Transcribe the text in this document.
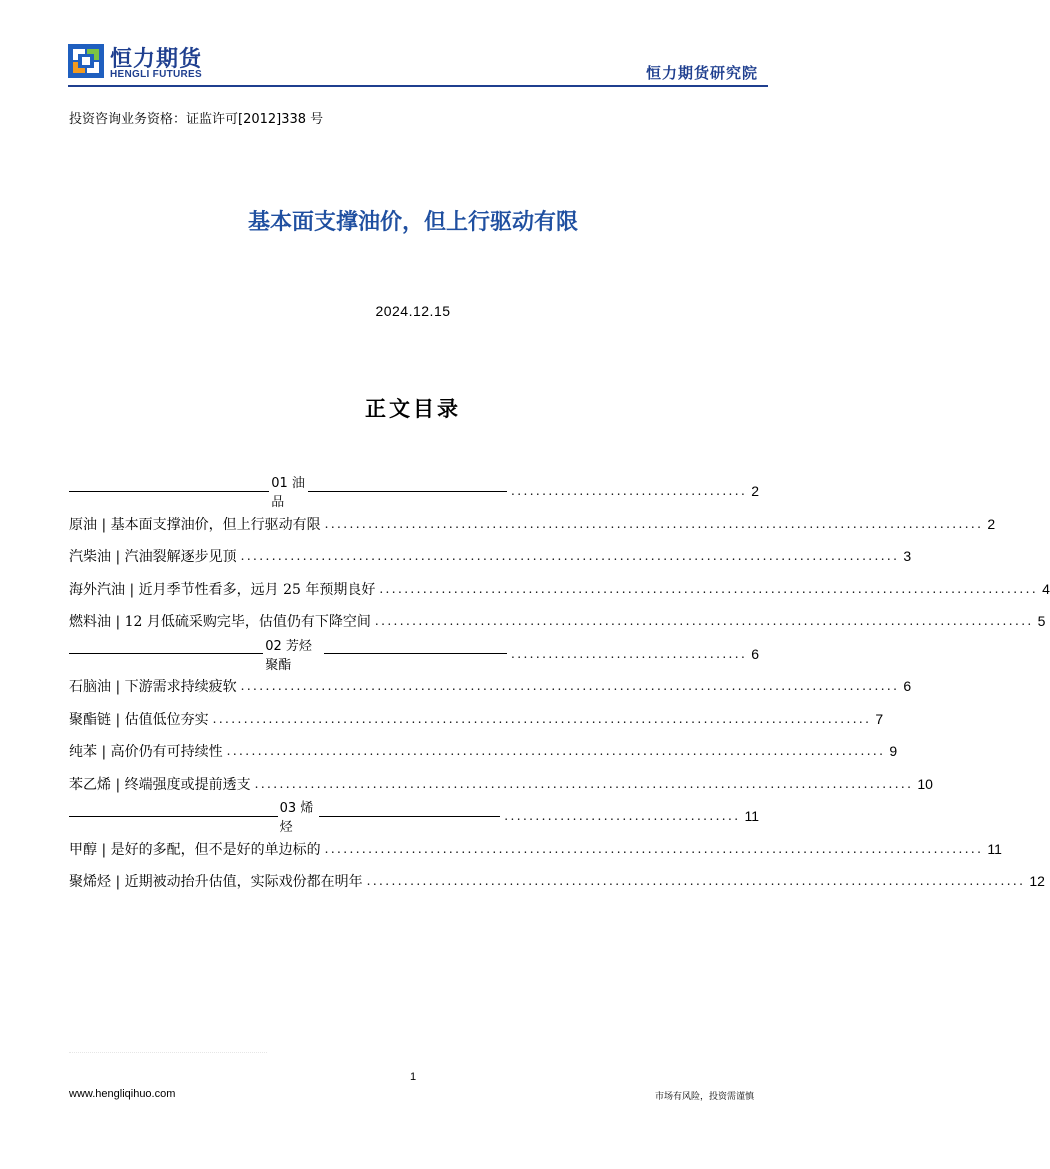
恒力期货
HENGLI FUTURES	恒力期货研究院
投资咨询业务资格：证监许可[2012]338 号
基本面支撑油价，但上行驱动有限
2024.12.15
正文目录
01 油品
...................................... 2
原油 | 基本面支撑油价，但上行驱动有限 .......................................................................................................... 2
汽柴油 | 汽油裂解逐步见顶 .......................................................................................................... 3
海外汽油 | 近月季节性看多，远月 25 年预期良好 .......................................................................................................... 4
燃料油 | 12 月低硫采购完毕，估值仍有下降空间 .......................................................................................................... 5
02 芳烃聚酯
...................................... 6
石脑油 | 下游需求持续疲软 .......................................................................................................... 6
聚酯链 | 估值低位夯实 .......................................................................................................... 7
纯苯 | 高价仍有可持续性 .......................................................................................................... 9
苯乙烯 | 终端强度或提前透支 .......................................................................................................... 10
03 烯烃
...................................... 11
甲醇 | 是好的多配，但不是好的单边标的 .......................................................................................................... 11
聚烯烃 | 近期被动抬升估值，实际戏份都在明年 .......................................................................................................... 12
1
www.hengliqihuo.com	市场有风险，投资需谨慎
